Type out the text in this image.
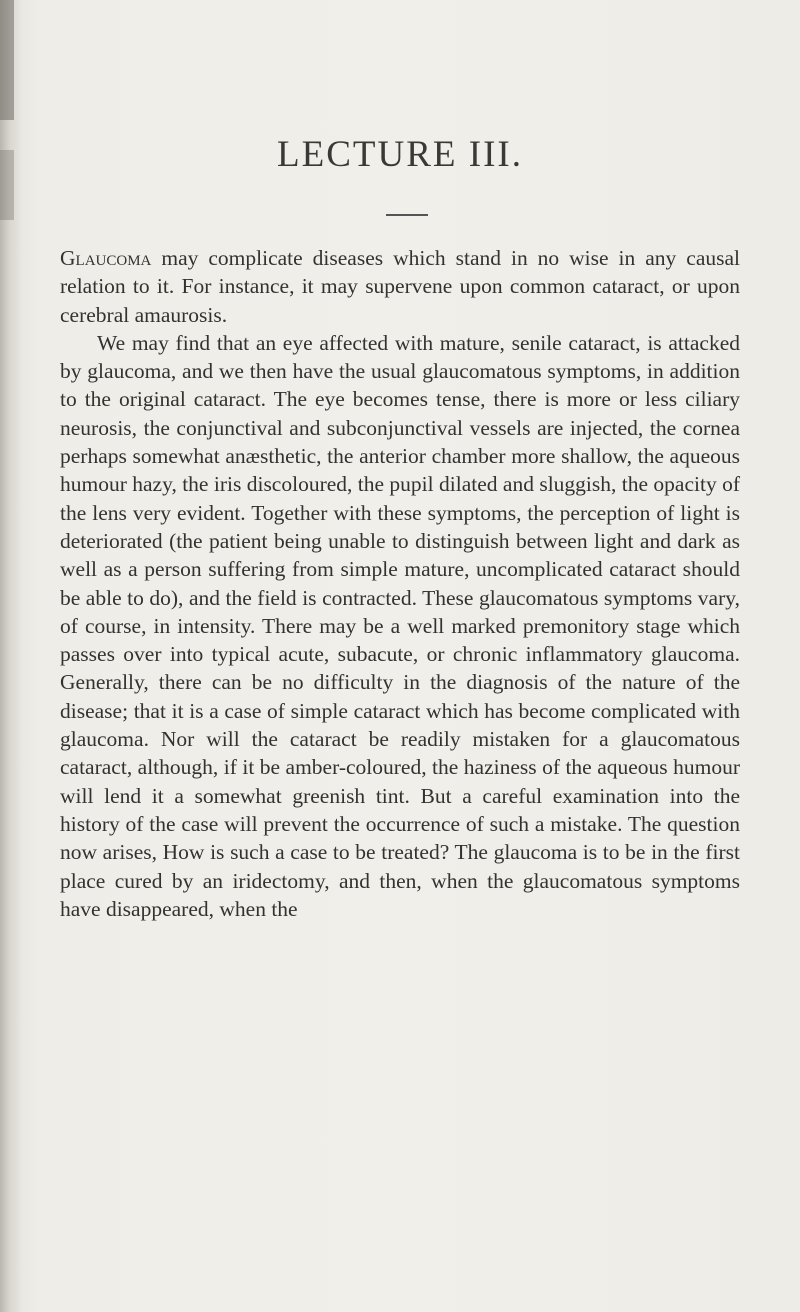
LECTURE III.

Glaucoma may complicate diseases which stand in no wise in any causal relation to it. For instance, it may supervene upon common cataract, or upon cerebral amaurosis.

We may find that an eye affected with mature, senile cataract, is attacked by glaucoma, and we then have the usual glaucomatous symptoms, in addition to the original cataract. The eye becomes tense, there is more or less ciliary neurosis, the conjunctival and subconjunctival vessels are injected, the cornea perhaps somewhat anæsthetic, the anterior chamber more shallow, the aqueous humour hazy, the iris discoloured, the pupil dilated and sluggish, the opacity of the lens very evident. Together with these symptoms, the perception of light is deteriorated (the patient being unable to distinguish between light and dark as well as a person suffering from simple mature, uncomplicated cataract should be able to do), and the field is contracted. These glaucomatous symptoms vary, of course, in intensity. There may be a well marked premonitory stage which passes over into typical acute, subacute, or chronic inflammatory glaucoma. Generally, there can be no difficulty in the diagnosis of the nature of the disease; that it is a case of simple cataract which has become complicated with glaucoma. Nor will the cataract be readily mistaken for a glaucomatous cataract, although, if it be amber-coloured, the haziness of the aqueous humour will lend it a somewhat greenish tint. But a careful examination into the history of the case will prevent the occurrence of such a mistake. The question now arises, How is such a case to be treated? The glaucoma is to be in the first place cured by an iridectomy, and then, when the glaucomatous symptoms have disappeared, when the
